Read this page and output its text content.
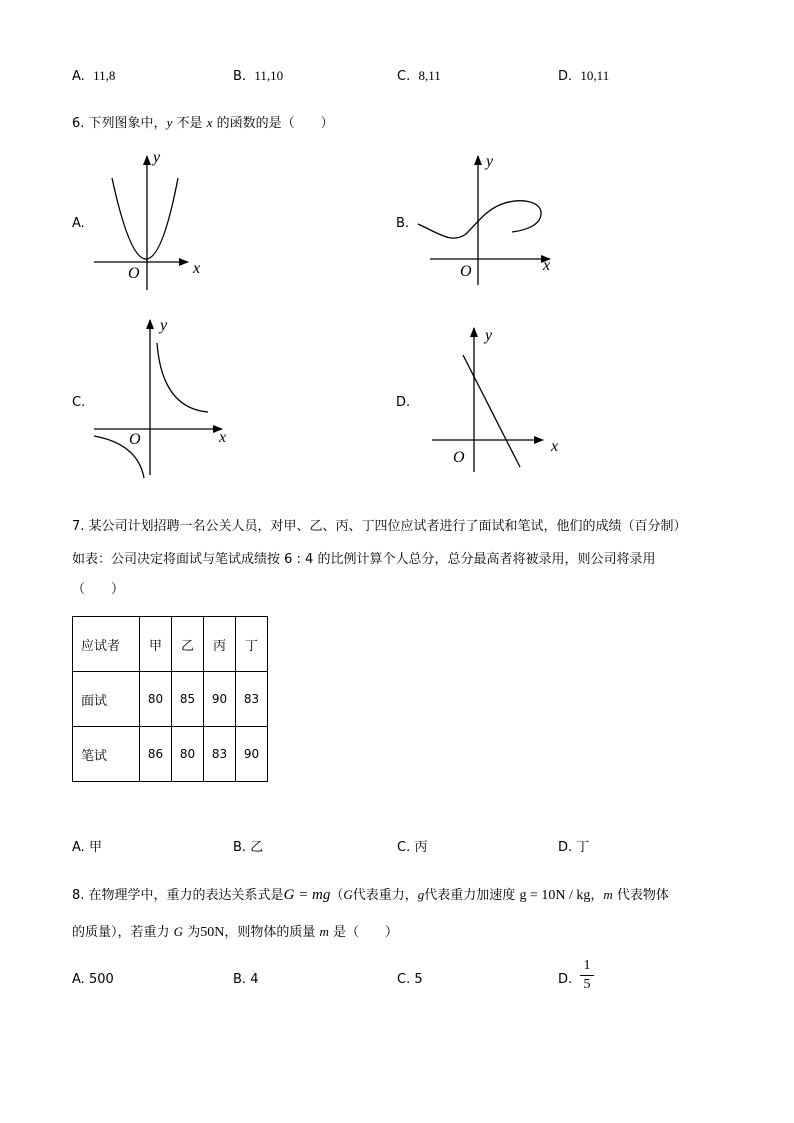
A. 11,8	B. 11,10	C. 8,11	D. 10,11
6. 下列图象中，y 不是 x 的函数的是（　　）
A.	B.
C.	D.
x
y
O	x
y
O
x
y
O	x
y
O
7. 某公司计划招聘一名公关人员，对甲、乙、丙、丁四位应试者进行了面试和笔试，他们的成绩（百分制）
如表：公司决定将面试与笔试成绩按 6 : 4 的比例计算个人总分，总分最高者将被录用，则公司将录用
（　　）
应试者	甲	乙	丙	丁
面试	80	85	90	83
笔试	86	80	83	90
A. 甲	B. 乙	C. 丙	D. 丁
8. 在物理学中，重力的表达关系式是G = mg（G代表重力，g代表重力加速度 g = 10N / kg，m 代表物体
的质量），若重力 G 为50N，则物体的质量 m 是（　　）
A. 500	B. 4	C. 5	D.
1
5
